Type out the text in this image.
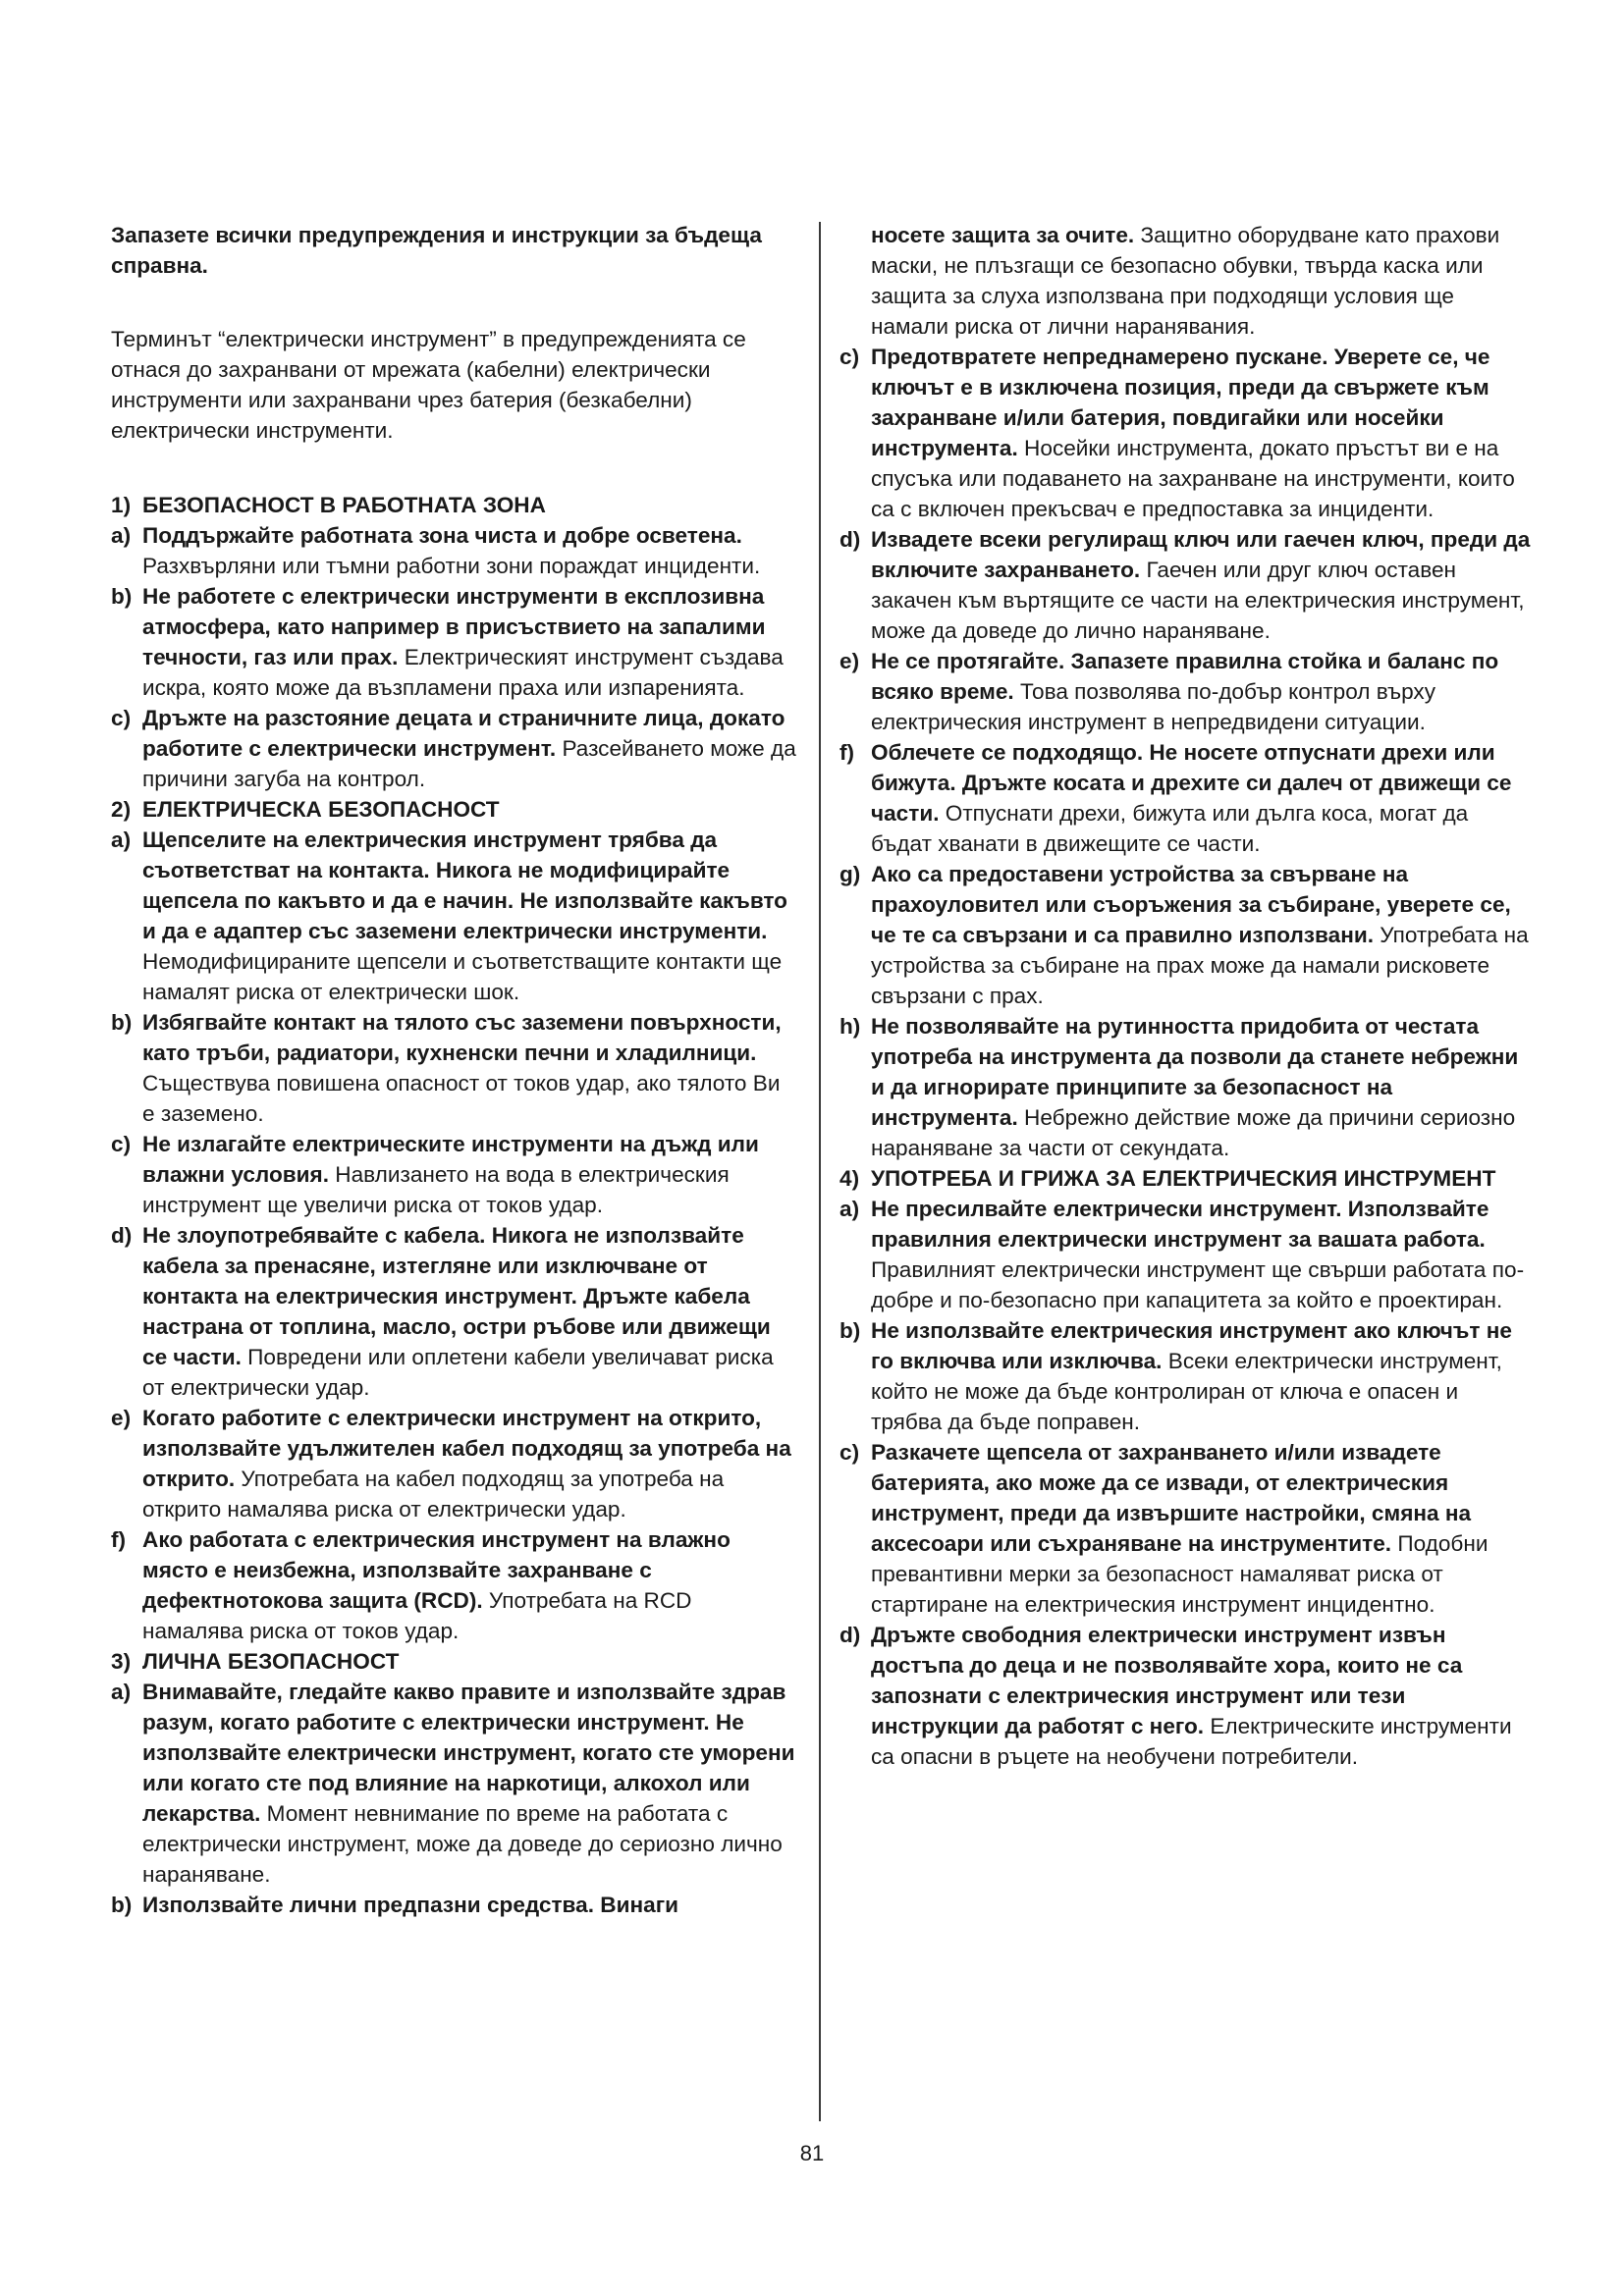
Запазете всички предупреждения и инструкции за бъдеща справна.

Терминът “електрически инструмент” в предупрежденията се отнася до захранвани от мрежата (кабелни) електрически инструменти или захранвани чрез батерия (безкабелни) електрически инструменти.

1) БЕЗОПАСНОСТ В РАБОТНАТА ЗОНА
a) Поддържайте работната зона чиста и добре осветена. Разхвърляни или тъмни работни зони пораждат инциденти.
b) Не работете с електрически инструменти в експлозивна атмосфера, като например в присъствието на запалими течности, газ или прах. Електрическият инструмент създава искра, която може да възпламени праха или изпаренията.
c) Дръжте на разстояние децата и страничните лица, докато работите с електрически инструмент. Разсейването може да причини загуба на контрол.
2) ЕЛЕКТРИЧЕСКА БЕЗОПАСНОСТ
a) Щепселите на електрическия инструмент трябва да съответстват на контакта. Никога не модифицирайте щепсела по какъвто и да е начин. Не използвайте какъвто и да е адаптер със заземени електрически инструменти. Немодифицираните щепсели и съответстващите контакти ще намалят риска от електрически шок.
b) Избягвайте контакт на тялото със заземени повърхности, като тръби, радиатори, кухненски печни и хладилници. Съществува повишена опасност от токов удар, ако тялото Ви е заземено.
c) Не излагайте електрическите инструменти на дъжд или влажни условия. Навлизането на вода в електрическия инструмент ще увеличи риска от токов удар.
d) Не злоупотребявайте с кабела. Никога не използвайте кабела за пренасяне, изтегляне или изключване от контакта на електрическия инструмент. Дръжте кабела настрана от топлина, масло, остри ръбове или движещи се части. Повредени или оплетени кабели увеличават риска от електрически удар.
e) Когато работите с електрически инструмент на открито, използвайте удължителен кабел подходящ за употреба на открито. Употребата на кабел подходящ за употреба на открито намалява риска от електрически удар.
f) Ако работата с електрическия инструмент на влажно място е неизбежна, използвайте захранване с дефектнотокова защита (RCD). Употребата на RCD намалява риска от токов удар.
3) ЛИЧНА БЕЗОПАСНОСТ
a) Внимавайте, гледайте какво правите и използвайте здрав разум, когато работите с електрически инструмент. Не използвайте електрически инструмент, когато сте уморени или когато сте под влияние на наркотици, алкохол или лекарства. Момент невнимание по време на работата с електрически инструмент, може да доведе до сериозно лично нараняване.
b) Използвайте лични предпазни средства. Винаги
носете защита за очите. Защитно оборудване като прахови маски, не плъзгащи се безопасно обувки, твърда каска или защита за слуха използвана при подходящи условия ще намали риска от лични наранявания.
c) Предотвратете непреднамерено пускане. Уверете се, че ключът е в изключена позиция, преди да свържете към захранване и/или батерия, повдигайки или носейки инструмента. Носейки инструмента, докато пръстът ви е на спусъка или подаването на захранване на инструменти, които са с включен прекъсвач е предпоставка за инциденти.
d) Извадете всеки регулиращ ключ или гаечен ключ, преди да включите захранването. Гаечен или друг ключ оставен закачен към въртящите се части на електрическия инструмент, може да доведе до лично нараняване.
e) Не се протягайте. Запазете правилна стойка и баланс по всяко време. Това позволява по-добър контрол върху електрическия инструмент в непредвидени ситуации.
f) Облечете се подходящо. Не носете отпуснати дрехи или бижута. Дръжте косата и дрехите си далеч от движещи се части. Отпуснати дрехи, бижута или дълга коса, могат да бъдат хванати в движещите се части.
g) Ако са предоставени устройства за свърване на прахоуловител или съоръжения за събиране, уверете се, че те са свързани и са правилно използвани. Употребата на устройства за събиране на прах може да намали рисковете свързани с прах.
h) Не позволявайте на рутинността придобита от честата употреба на инструмента да позволи да станете небрежни и да игнорирате принципите за безопасност на инструмента. Небрежно действие може да причини сериозно нараняване за части от секундата.
4) УПОТРЕБА И ГРИЖА ЗА ЕЛЕКТРИЧЕСКИЯ ИНСТРУМЕНТ
a) Не пресилвайте електрически инструмент. Използвайте правилния електрически инструмент за вашата работа. Правилният електрически инструмент ще свърши работата по-добре и по-безопасно при капацитета за който е проектиран.
b) Не използвайте електрическия инструмент ако ключът не го включва или изключва. Всеки електрически инструмент, който не може да бъде контролиран от ключа е опасен и трябва да бъде поправен.
c) Разкачете щепсела от захранването и/или извадете батерията, ако може да се извади, от електрическия инструмент, преди да извършите настройки, смяна на аксесоари или съхраняване на инструментите. Подобни превантивни мерки за безопасност намаляват риска от стартиране на електрическия инструмент инцидентно.
d) Дръжте свободния електрически инструмент извън достъпа до деца и не позволявайте хора, които не са запознати с електрическия инструмент или тези инструкции да работят с него. Електрическите инструменти са опасни в ръцете на необучени потребители.
81
